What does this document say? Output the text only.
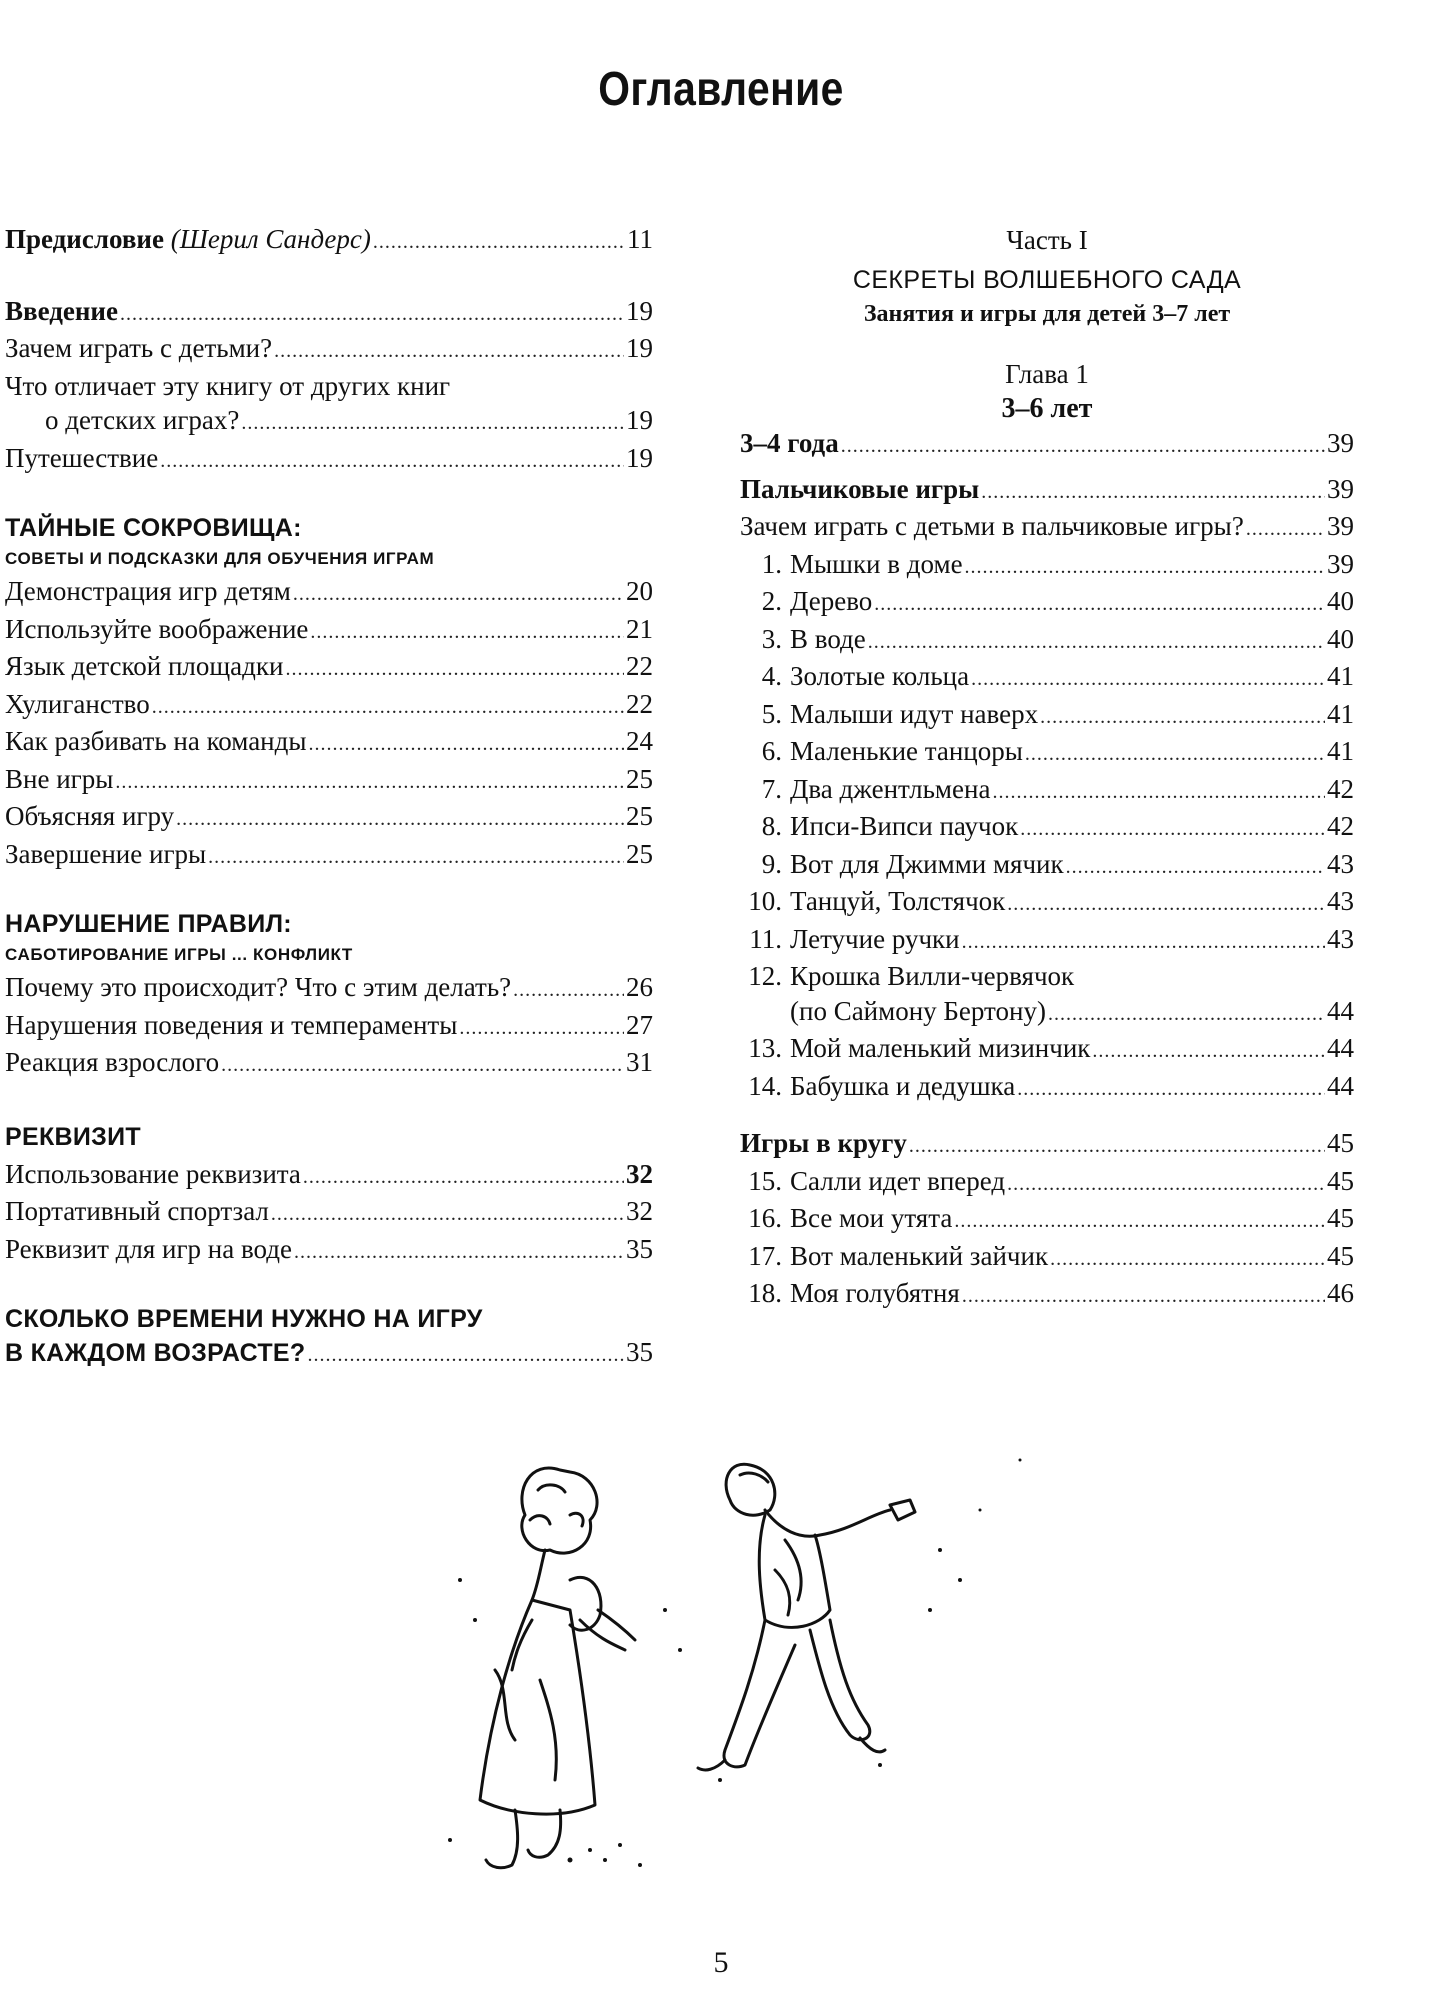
Оглавление
Предисловие (Шерил Сандерс) .....	11
Введение .....	19
Зачем играть с детьми? .....	19
Что отличает эту книгу от других книг
о детских играх? .....	19
Путешествие .....	19
ТАЙНЫЕ СОКРОВИЩА:
СОВЕТЫ И ПОДСКАЗКИ ДЛЯ ОБУЧЕНИЯ ИГРАМ
Демонстрация игр детям .....	20
Используйте воображение .....	21
Язык детской площадки .....	22
Хулиганство .....	22
Как разбивать на команды .....	24
Вне игры .....	25
Объясняя игру .....	25
Завершение игры .....	25
НАРУШЕНИЕ ПРАВИЛ:
САБОТИРОВАНИЕ ИГРЫ ... КОНФЛИКТ
Почему это происходит? Что с этим делать? .....	26
Нарушения поведения и темпераменты .....	27
Реакция взрослого .....	31
РЕКВИЗИТ
Использование реквизита .....	32
Портативный спортзал .....	32
Реквизит для игр на воде .....	35
СКОЛЬКО ВРЕМЕНИ НУЖНО НА ИГРУ
В КАЖДОМ ВОЗРАСТЕ? .....	35
Часть I
СЕКРЕТЫ ВОЛШЕБНОГО САДА
Занятия и игры для детей 3–7 лет
Глава 1
3–6 лет
3–4 года .....	39
Пальчиковые игры .....	39
Зачем играть с детьми в пальчиковые игры? .....	39
1. Мышки в доме .....	39
2. Дерево .....	40
3. В воде .....	40
4. Золотые кольца .....	41
5. Малыши идут наверх .....	41
6. Маленькие танцоры .....	41
7. Два джентльмена .....	42
8. Ипси-Випси паучок .....	42
9. Вот для Джимми мячик .....	43
10. Танцуй, Толстячок .....	43
11. Летучие ручки .....	43
12. Крошка Вилли-червячок
(по Саймону Бертону) .....	44
13. Мой маленький мизинчик .....	44
14. Бабушка и дедушка .....	44
Игры в кругу .....	45
15. Салли идет вперед .....	45
16. Все мои утята .....	45
17. Вот маленький зайчик .....	45
18. Моя голубятня .....	46
5
